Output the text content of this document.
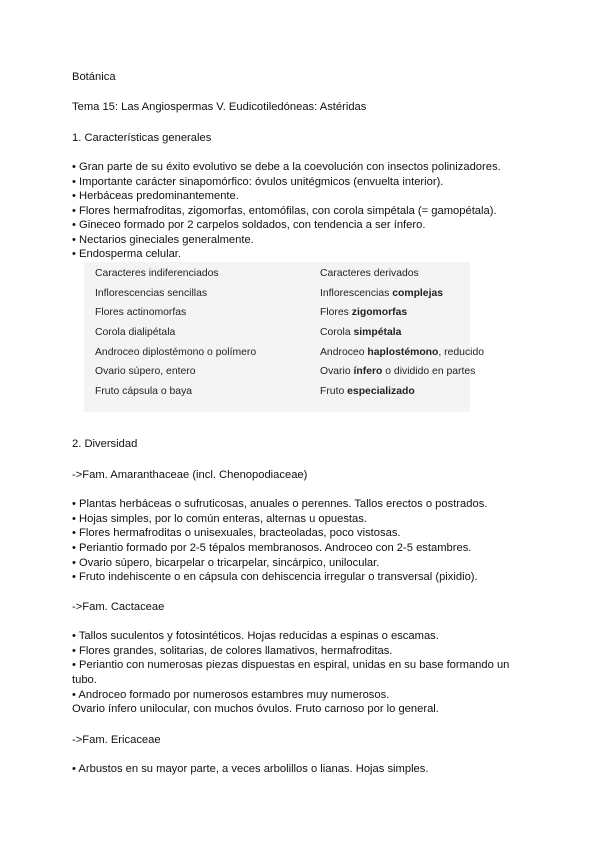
Botánica
Tema 15: Las Angiospermas V. Eudicotiledóneas: Astéridas
1. Características generales
• Gran parte de su éxito evolutivo se debe a la coevolución con insectos polinizadores.
• Importante carácter sinapomórfico: óvulos unitégmicos (envuelta interior).
• Herbáceas predominantemente.
• Flores hermafroditas, zigomorfas, entomófilas, con corola simpétala (= gamopétala).
• Gineceo formado por 2 carpelos soldados, con tendencia a ser ínfero.
• Nectarios gineciales generalmente.
• Endosperma celular.
Caracteres indiferenciados	Caracteres derivados
Inflorescencias sencillas	Inflorescencias complejas
Flores actinomorfas	Flores zigomorfas
Corola dialipétala	Corola simpétala
Androceo diplostémono o polímero	Androceo haplostémono, reducido
Ovario súpero, entero	Ovario ínfero o dividido en partes
Fruto cápsula o baya	Fruto especializado
2. Diversidad
->Fam. Amaranthaceae (incl. Chenopodiaceae)
• Plantas herbáceas o sufruticosas, anuales o perennes. Tallos erectos o postrados.
• Hojas simples, por lo común enteras, alternas u opuestas.
• Flores hermafroditas o unisexuales, bracteoladas, poco vistosas.
• Periantio formado por 2-5 tépalos membranosos. Androceo con 2-5 estambres.
• Ovario súpero, bicarpelar o tricarpelar, sincárpico, unilocular.
• Fruto indehiscente o en cápsula con dehiscencia irregular o transversal (pixidio).
->Fam. Cactaceae
• Tallos suculentos y fotosintéticos. Hojas reducidas a espinas o escamas.
• Flores grandes, solitarias, de colores llamativos, hermafroditas.
• Periantio con numerosas piezas dispuestas en espiral, unidas en su base formando un
tubo.
• Androceo formado por numerosos estambres muy numerosos.
Ovario ínfero unilocular, con muchos óvulos. Fruto carnoso por lo general.
->Fam. Ericaceae
• Arbustos en su mayor parte, a veces arbolillos o lianas. Hojas simples.
